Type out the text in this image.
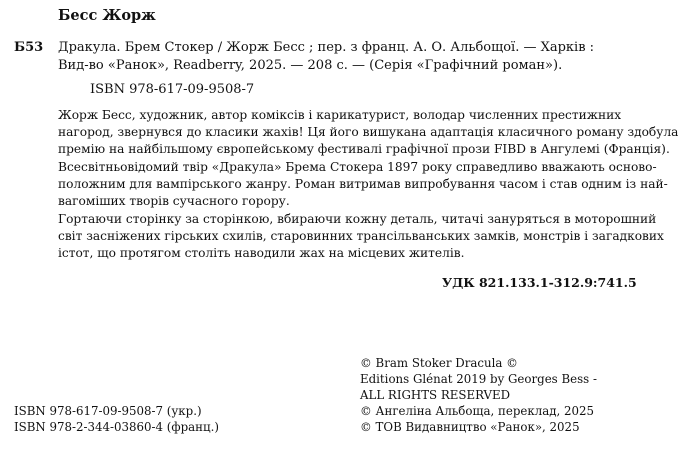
Бесс Жорж
Б53 Дракула. Брем Стокер / Жорж Бесс ; пер. з франц. А. О. Альбощої. — Харків :
Вид-во «Ранок», Readberry, 2025. — 208 с. — (Серія «Графічний роман»).
ISBN 978-617-09-9508-7
Жорж Бесс, художник, автор коміксів і карикатурист, володар численних престижних
нагород, звернувся до класики жахів! Ця його вишукана адаптація класичного роману здобула
премію на найбільшому європейському фестивалі графічної прози FIBD в Ангулемі (Франція).
Всесвітньовідомий твір «Дракула» Брема Стокера 1897 року справедливо вважають осново-
положним для вампірського жанру. Роман витримав випробування часом і став одним із най-
вагоміших творів сучасного горору.
Гортаючи сторінку за сторінкою, вбираючи кожну деталь, читачі зануряться в моторошний
світ засніжених гірських схилів, старовинних трансільванських замків, монстрів і загадкових
істот, що протягом століть наводили жах на місцевих жителів.
УДК 821.133.1-312.9:741.5
© Bram Stoker Dracula ©
Editions Glénat 2019 by Georges Bess -
ALL RIGHTS RESERVED
© Ангеліна Альбоща, переклад, 2025
© ТОВ Видавництво «Ранок», 2025
ISBN 978-617-09-9508-7 (укр.)
ISBN 978-2-344-03860-4 (франц.)
